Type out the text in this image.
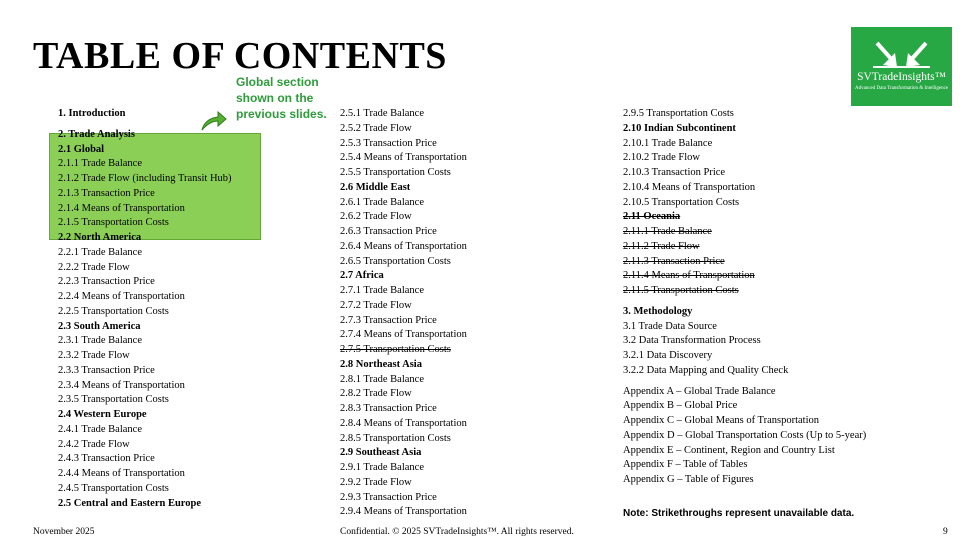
TABLE OF CONTENTS	SVTradeInsights™
Advanced Data Transformation & Intelligence
Global section shown on the previous slides.
1. Introduction
2. Trade Analysis
2.1 Global
2.1.1 Trade Balance
2.1.2 Trade Flow (including Transit Hub)
2.1.3 Transaction Price
2.1.4 Means of Transportation
2.1.5 Transportation Costs
2.2 North America
2.2.1 Trade Balance
2.2.2 Trade Flow
2.2.3 Transaction Price
2.2.4 Means of Transportation
2.2.5 Transportation Costs
2.3 South America
2.3.1 Trade Balance
2.3.2 Trade Flow
2.3.3 Transaction Price
2.3.4 Means of Transportation
2.3.5 Transportation Costs
2.4 Western Europe
2.4.1 Trade Balance
2.4.2 Trade Flow
2.4.3 Transaction Price
2.4.4 Means of Transportation
2.4.5 Transportation Costs
2.5 Central and Eastern Europe
2.5.1 Trade Balance
2.5.2 Trade Flow
2.5.3 Transaction Price
2.5.4 Means of Transportation
2.5.5 Transportation Costs
2.6 Middle East
2.6.1 Trade Balance
2.6.2 Trade Flow
2.6.3 Transaction Price
2.6.4 Means of Transportation
2.6.5 Transportation Costs
2.7 Africa
2.7.1 Trade Balance
2.7.2 Trade Flow
2.7.3 Transaction Price
2.7.4 Means of Transportation
2.7.5 Transportation Costs
2.8 Northeast Asia
2.8.1 Trade Balance
2.8.2 Trade Flow
2.8.3 Transaction Price
2.8.4 Means of Transportation
2.8.5 Transportation Costs
2.9 Southeast Asia
2.9.1 Trade Balance
2.9.2 Trade Flow
2.9.3 Transaction Price
2.9.4 Means of Transportation
2.9.5 Transportation Costs
2.10 Indian Subcontinent
2.10.1 Trade Balance
2.10.2 Trade Flow
2.10.3 Transaction Price
2.10.4 Means of Transportation
2.10.5 Transportation Costs
2.11 Oceania
2.11.1 Trade Balance
2.11.2 Trade Flow
2.11.3 Transaction Price
2.11.4 Means of Transportation
2.11.5 Transportation Costs
3. Methodology
3.1 Trade Data Source
3.2 Data Transformation Process
3.2.1 Data Discovery
3.2.2 Data Mapping and Quality Check
Appendix A – Global Trade Balance
Appendix B – Global Price
Appendix C – Global Means of Transportation
Appendix D – Global Transportation Costs (Up to 5-year)
Appendix E – Continent, Region and Country List
Appendix F – Table of Tables
Appendix G – Table of Figures
Note: Strikethroughs represent unavailable data.
November 2025	Confidential. © 2025 SVTradeInsights™. All rights reserved.	9
